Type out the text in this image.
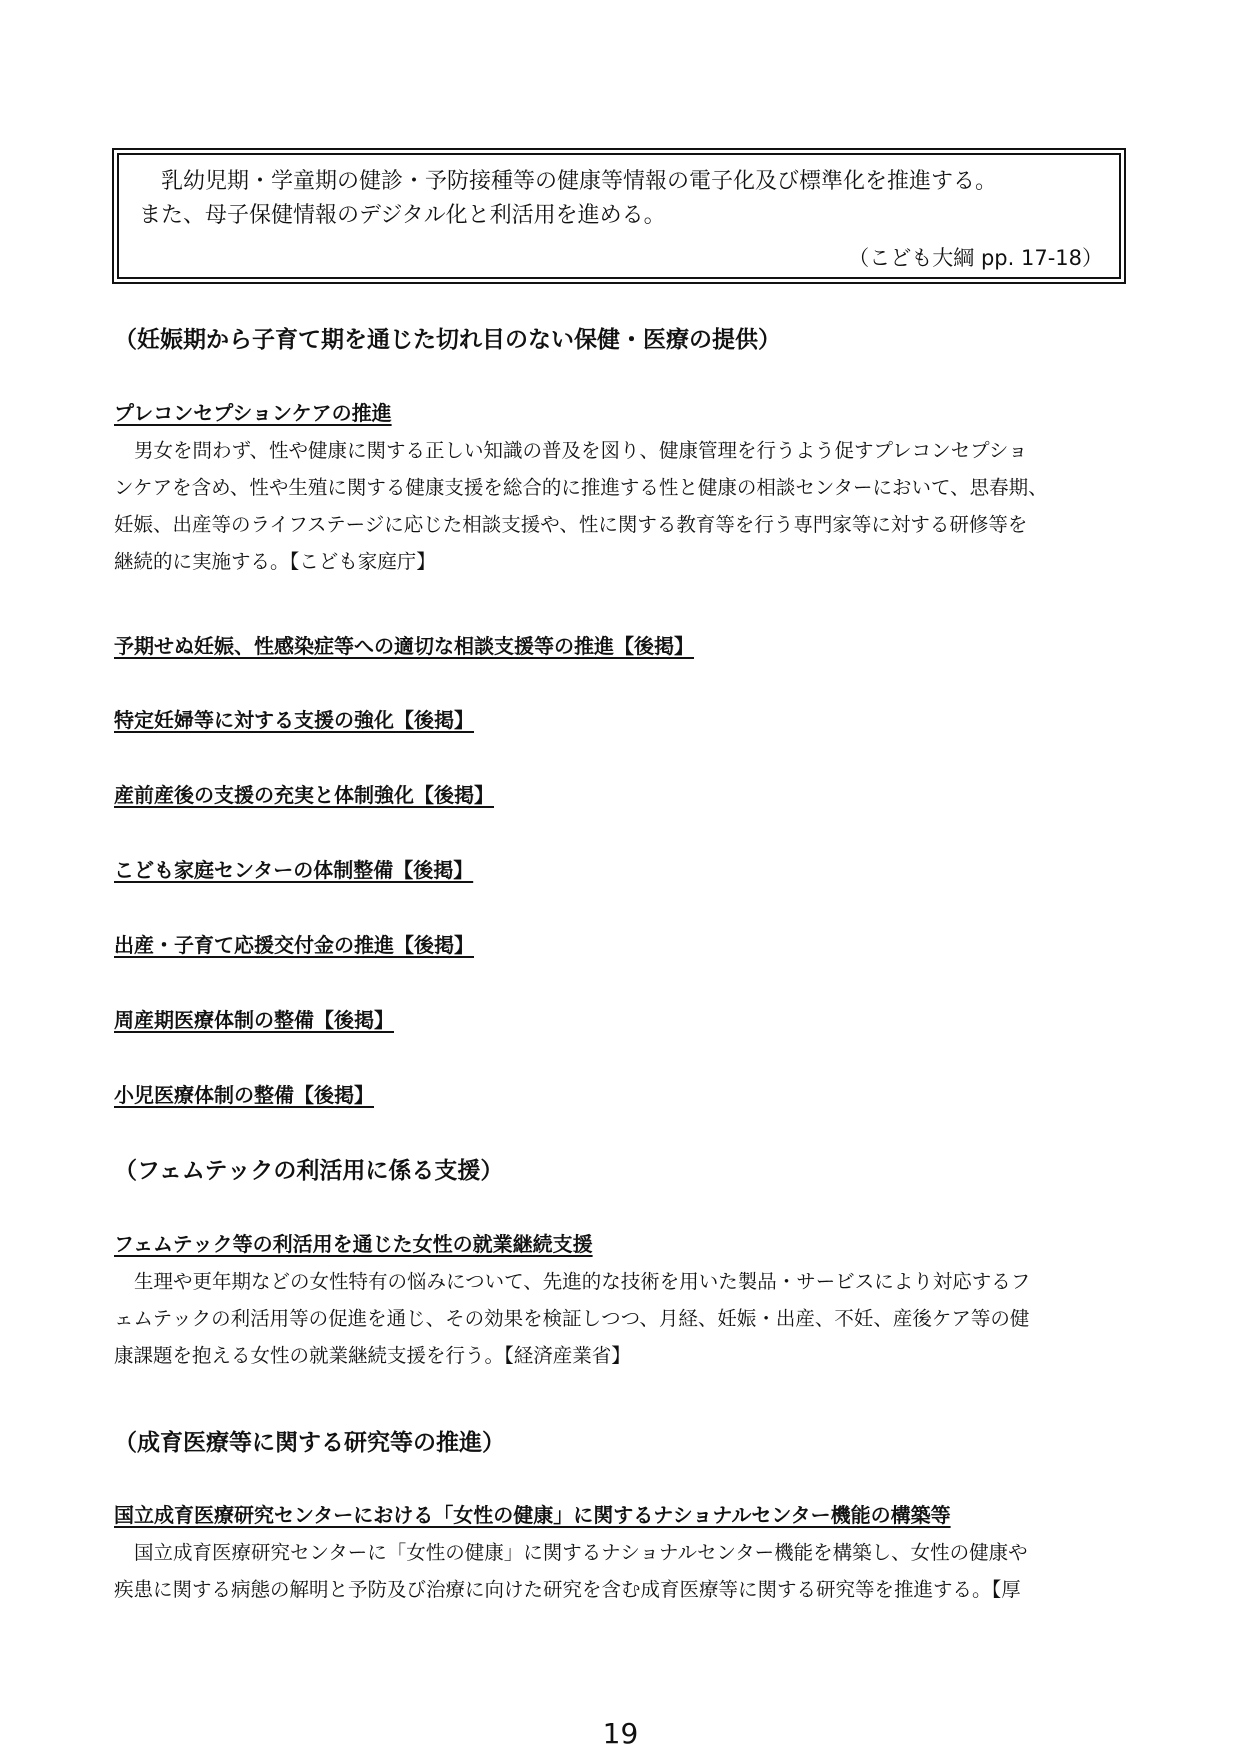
乳幼児期・学童期の健診・予防接種等の健康等情報の電子化及び標準化を推進する。
また、母子保健情報のデジタル化と利活用を進める。
（こども大綱 pp. 17-18）
（妊娠期から子育て期を通じた切れ目のない保健・医療の提供）
プレコンセプションケアの推進
男女を問わず、性や健康に関する正しい知識の普及を図り、健康管理を行うよう促すプレコンセプショ
ンケアを含め、性や生殖に関する健康支援を総合的に推進する性と健康の相談センターにおいて、思春期、
妊娠、出産等のライフステージに応じた相談支援や、性に関する教育等を行う専門家等に対する研修等を
継続的に実施する。【こども家庭庁】
予期せぬ妊娠、性感染症等への適切な相談支援等の推進【後掲】
特定妊婦等に対する支援の強化【後掲】
産前産後の支援の充実と体制強化【後掲】
こども家庭センターの体制整備【後掲】
出産・子育て応援交付金の推進【後掲】
周産期医療体制の整備【後掲】
小児医療体制の整備【後掲】
（フェムテックの利活用に係る支援）
フェムテック等の利活用を通じた女性の就業継続支援
生理や更年期などの女性特有の悩みについて、先進的な技術を用いた製品・サービスにより対応するフ
ェムテックの利活用等の促進を通じ、その効果を検証しつつ、月経、妊娠・出産、不妊、産後ケア等の健
康課題を抱える女性の就業継続支援を行う。【経済産業省】
（成育医療等に関する研究等の推進）
国立成育医療研究センターにおける「女性の健康」に関するナショナルセンター機能の構築等
国立成育医療研究センターに「女性の健康」に関するナショナルセンター機能を構築し、女性の健康や
疾患に関する病態の解明と予防及び治療に向けた研究を含む成育医療等に関する研究等を推進する。【厚
19
